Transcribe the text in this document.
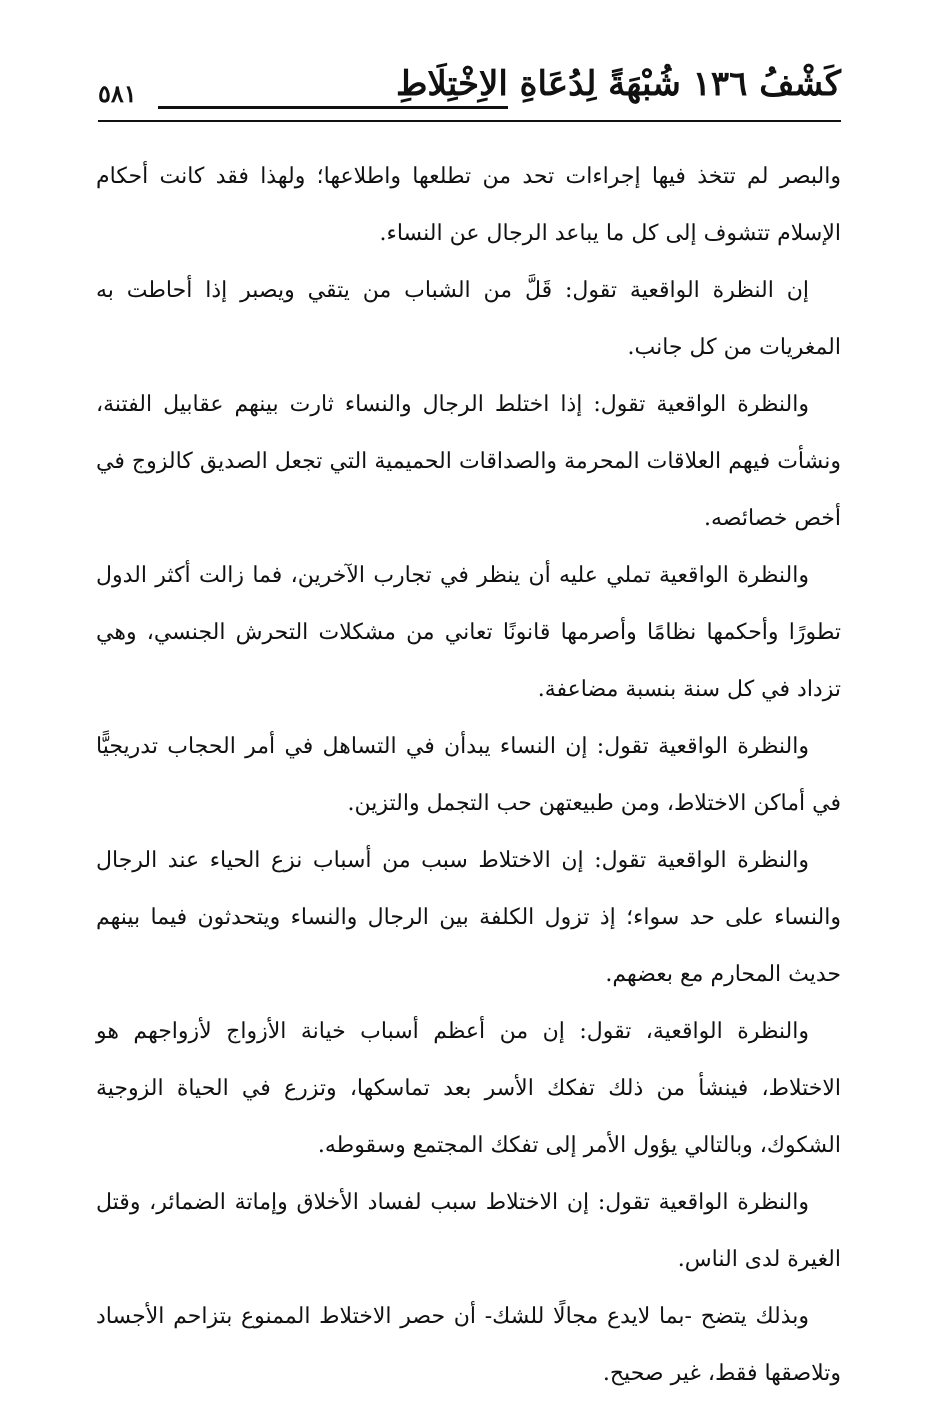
كَشْفُ ١٣٦ شُبْهَةً لِدُعَاةِ الاِخْتِلَاطِ
٥٨١

والبصر لم تتخذ فيها إجراءات تحد من تطلعها واطلاعها؛ ولهذا فقد كانت أحكام الإسلام تتشوف إلى كل ما يباعد الرجال عن النساء.

إن النظرة الواقعية تقول: قَلَّ من الشباب من يتقي ويصبر إذا أحاطت به المغريات من كل جانب.

والنظرة الواقعية تقول: إذا اختلط الرجال والنساء ثارت بينهم عقابيل الفتنة، ونشأت فيهم العلاقات المحرمة والصداقات الحميمية التي تجعل الصديق كالزوج في أخص خصائصه.

والنظرة الواقعية تملي عليه أن ينظر في تجارب الآخرين، فما زالت أكثر الدول تطورًا وأحكمها نظامًا وأصرمها قانونًا تعاني من مشكلات التحرش الجنسي، وهي تزداد في كل سنة بنسبة مضاعفة.

والنظرة الواقعية تقول: إن النساء يبدأن في التساهل في أمر الحجاب تدريجيًّا في أماكن الاختلاط، ومن طبيعتهن حب التجمل والتزين.

والنظرة الواقعية تقول: إن الاختلاط سبب من أسباب نزع الحياء عند الرجال والنساء على حد سواء؛ إذ تزول الكلفة بين الرجال والنساء ويتحدثون فيما بينهم حديث المحارم مع بعضهم.

والنظرة الواقعية، تقول: إن من أعظم أسباب خيانة الأزواج لأزواجهم هو الاختلاط، فينشأ من ذلك تفكك الأسر بعد تماسكها، وتزرع في الحياة الزوجية الشكوك، وبالتالي يؤول الأمر إلى تفكك المجتمع وسقوطه.

والنظرة الواقعية تقول: إن الاختلاط سبب لفساد الأخلاق وإماتة الضمائر، وقتل الغيرة لدى الناس.

وبذلك يتضح -بما لايدع مجالًا للشك- أن حصر الاختلاط الممنوع بتزاحم الأجساد وتلاصقها فقط، غير صحيح.
